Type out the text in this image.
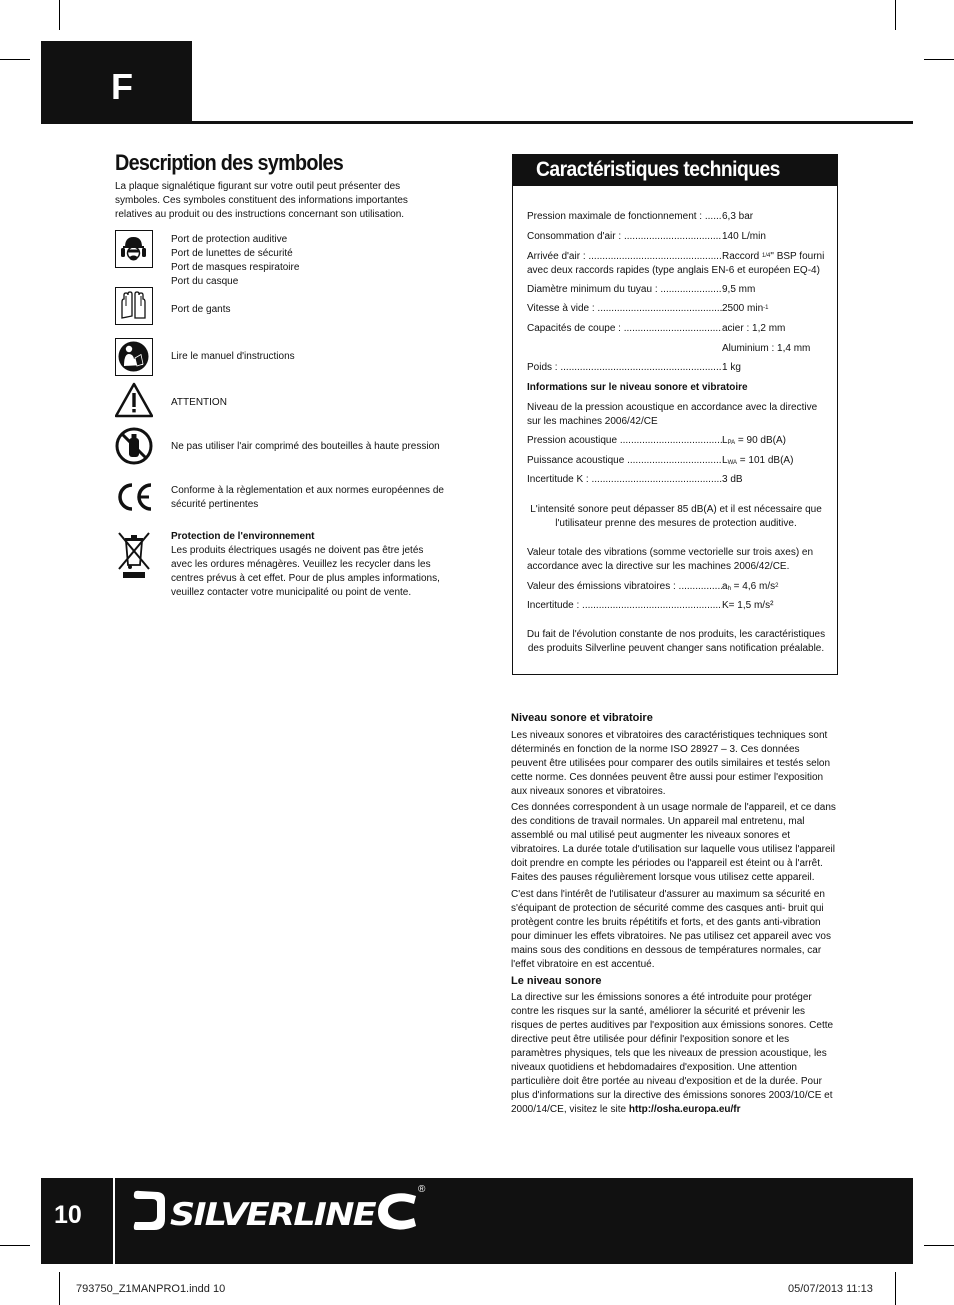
F
Description des symboles
La plaque signalétique figurant sur votre outil peut présenter des symboles. Ces symboles constituent des informations importantes relatives au produit ou des instructions concernant son utilisation.
Port de protection auditive
Port de lunettes de sécurité
Port de masques respiratoire
Port du casque
Port de gants
Lire le manuel d'instructions
ATTENTION
Ne pas utiliser l'air comprimé des bouteilles à haute pression
Conforme à la règlementation et aux normes européennes de sécurité pertinentes
Protection de l'environnement
Les produits électriques usagés ne doivent pas être jetés avec les ordures ménagères. Veuillez les recycler dans les centres prévus à cet effet. Pour de plus amples informations, veuillez contacter votre municipalité ou point de vente.
Caractéristiques techniques
Pression maximale de fonctionnement : .....	6,3 bar
Consommation d'air : .....	140 L/min
Arrivée d'air : .....	Raccord $^{1/4}$" BSP fourni
avec deux raccords rapides (type anglais EN-6 et européen EQ-4)
Diamètre minimum du tuyau : .....	9,5 mm
Vitesse à vide : .....	2500 $\min^{-1}$
Capacités de coupe : .....	acier : 1,2 mm
Aluminium : 1,4 mm
Poids : .....	1 kg
Informations sur le niveau sonore et vibratoire
Niveau de la pression acoustique en accordance avec la directive sur les machines 2006/42/CE
Pression acoustique .....	$L_{PA} = 90$ dB(A)
Puissance acoustique .....	$L_{WA} = 101$ dB(A)
Incertitude K : .....	3 dB
L'intensité sonore peut dépasser 85 dB(A) et il est nécessaire que l'utilisateur prenne des mesures de protection auditive.
Valeur totale des vibrations (somme vectorielle sur trois axes) en accordance avec la directive sur les machines 2006/42/CE.
Valeur des émissions vibratoires : .....	$a_h = 4,6$ $m/s^2$
Incertitude : .....	K= 1,5 m/s²
Du fait de l'évolution constante de nos produits, les caractéristiques des produits Silverline peuvent changer sans notification préalable.
Niveau sonore et vibratoire
Les niveaux sonores et vibratoires des caractéristiques techniques sont déterminés en fonction de la norme ISO 28927 – 3. Ces données peuvent être utilisées pour comparer des outils similaires et testés selon cette norme. Ces données peuvent être aussi pour estimer l'exposition aux niveaux sonores et vibratoires.
Ces données correspondent à un usage normale de l'appareil, et ce dans des conditions de travail normales. Un appareil mal entretenu, mal assemblé ou mal utilisé peut augmenter les niveaux sonores et vibratoires. La durée totale d'utilisation sur laquelle vous utilisez l'appareil doit prendre en compte les périodes ou l'appareil est éteint ou à l'arrêt. Faites des pauses régulièrement lorsque vous utilisez cette appareil.
C'est dans l'intérêt de l'utilisateur d'assurer au maximum sa sécurité en s'équipant de protection de sécurité comme des casques anti- bruit qui protègent contre les bruits répétitifs et forts, et des gants anti-vibration pour diminuer les effets vibratoires. Ne pas utilisez cet appareil avec vos mains sous des conditions en dessous de températures normales, car l'effet vibratoire en est accentué.
Le niveau sonore
La directive sur les émissions sonores a été introduite pour protéger contre les risques sur la santé, améliorer la sécurité et prévenir les risques de pertes auditives par l'exposition aux émissions sonores. Cette directive peut être utilisée pour définir l'exposition sonore et les paramètres physiques, tels que les niveaux de pression acoustique, les niveaux quotidiens et hebdomadaires d'exposition. Une attention particulière doit être portée au niveau d'exposition et de la durée. Pour plus d'informations sur la directive des émissions sonores 2003/10/CE et 2000/14/CE, visitez le site http://osha.europa.eu/fr
10	SILVERLINE
®
793750_Z1MANPRO1.indd 10	05/07/2013 11:13
